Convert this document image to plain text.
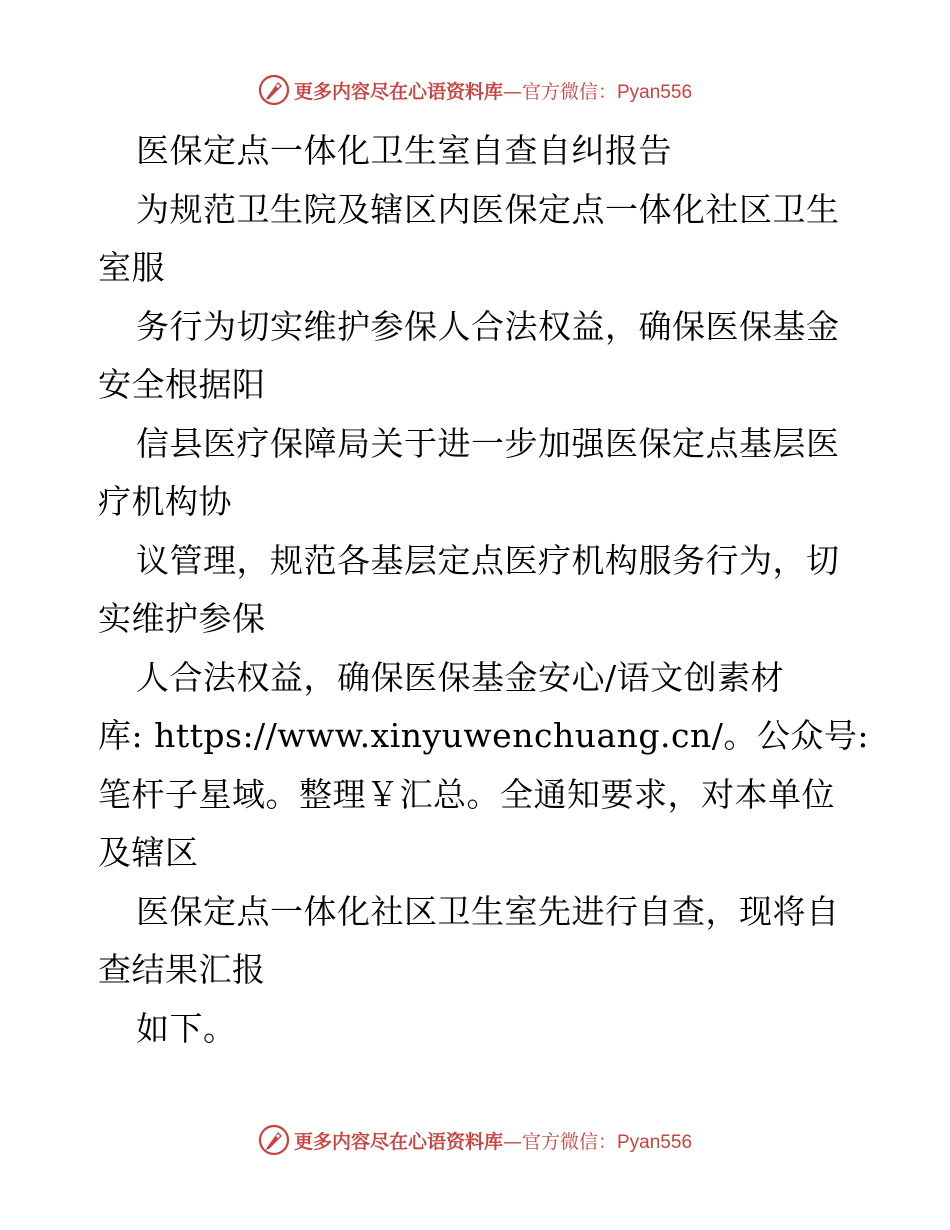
更多内容尽在心语资料库—官方微信：Pyan556
医保定点一体化卫生室自查自纠报告
为规范卫生院及辖区内医保定点一体化社区卫生
室服
务行为切实维护参保人合法权益，确保医保基金
安全根据阳
信县医疗保障局关于进一步加强医保定点基层医
疗机构协
议管理，规范各基层定点医疗机构服务行为，切
实维护参保
人合法权益，确保医保基金安心/语文创素材
库: https://www.xinyuwenchuang.cn/。公众号:
笔杆子星域。整理￥汇总。全通知要求，对本单位
及辖区
医保定点一体化社区卫生室先进行自查，现将自
查结果汇报
如下。
更多内容尽在心语资料库—官方微信：Pyan556
